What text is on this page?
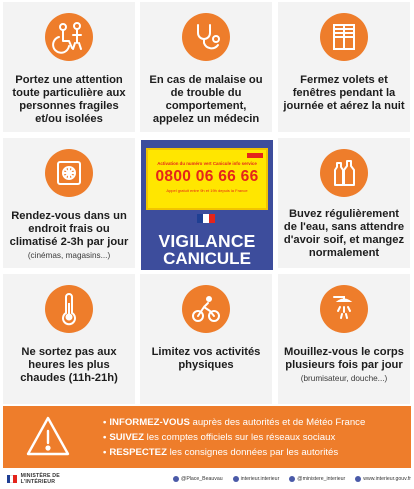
Portez une attention toute particulière aux personnes fragiles et/ou isolées
En cas de malaise ou de trouble du comportement, appelez un médecin
Fermez volets et fenêtres pendant la journée et aérez la nuit
Rendez-vous dans un endroit frais ou climatisé 2-3h par jour
(cinémas, magasins...)
Activation du numéro vert Canicule info service
0800 06 66 66
Appel gratuit entre 9h et 19h depuis la France
VIGILANCE
CANICULE
Buvez régulièrement de l'eau, sans attendre d'avoir soif, et mangez normalement
Ne sortez pas aux heures les plus chaudes (11h-21h)
Limitez vos activités physiques
Mouillez-vous le corps plusieurs fois par jour
(brumisateur, douche...)
• INFORMEZ-VOUS auprès des autorités et de Météo France
• SUIVEZ les comptes officiels sur les réseaux sociaux
• RESPECTEZ les consignes données par les autorités
MINISTÈRE DE L'INTÉRIEUR	@Place_Beauvau	interieur.interieur	@ministere_interieur	www.interieur.gouv.fr
